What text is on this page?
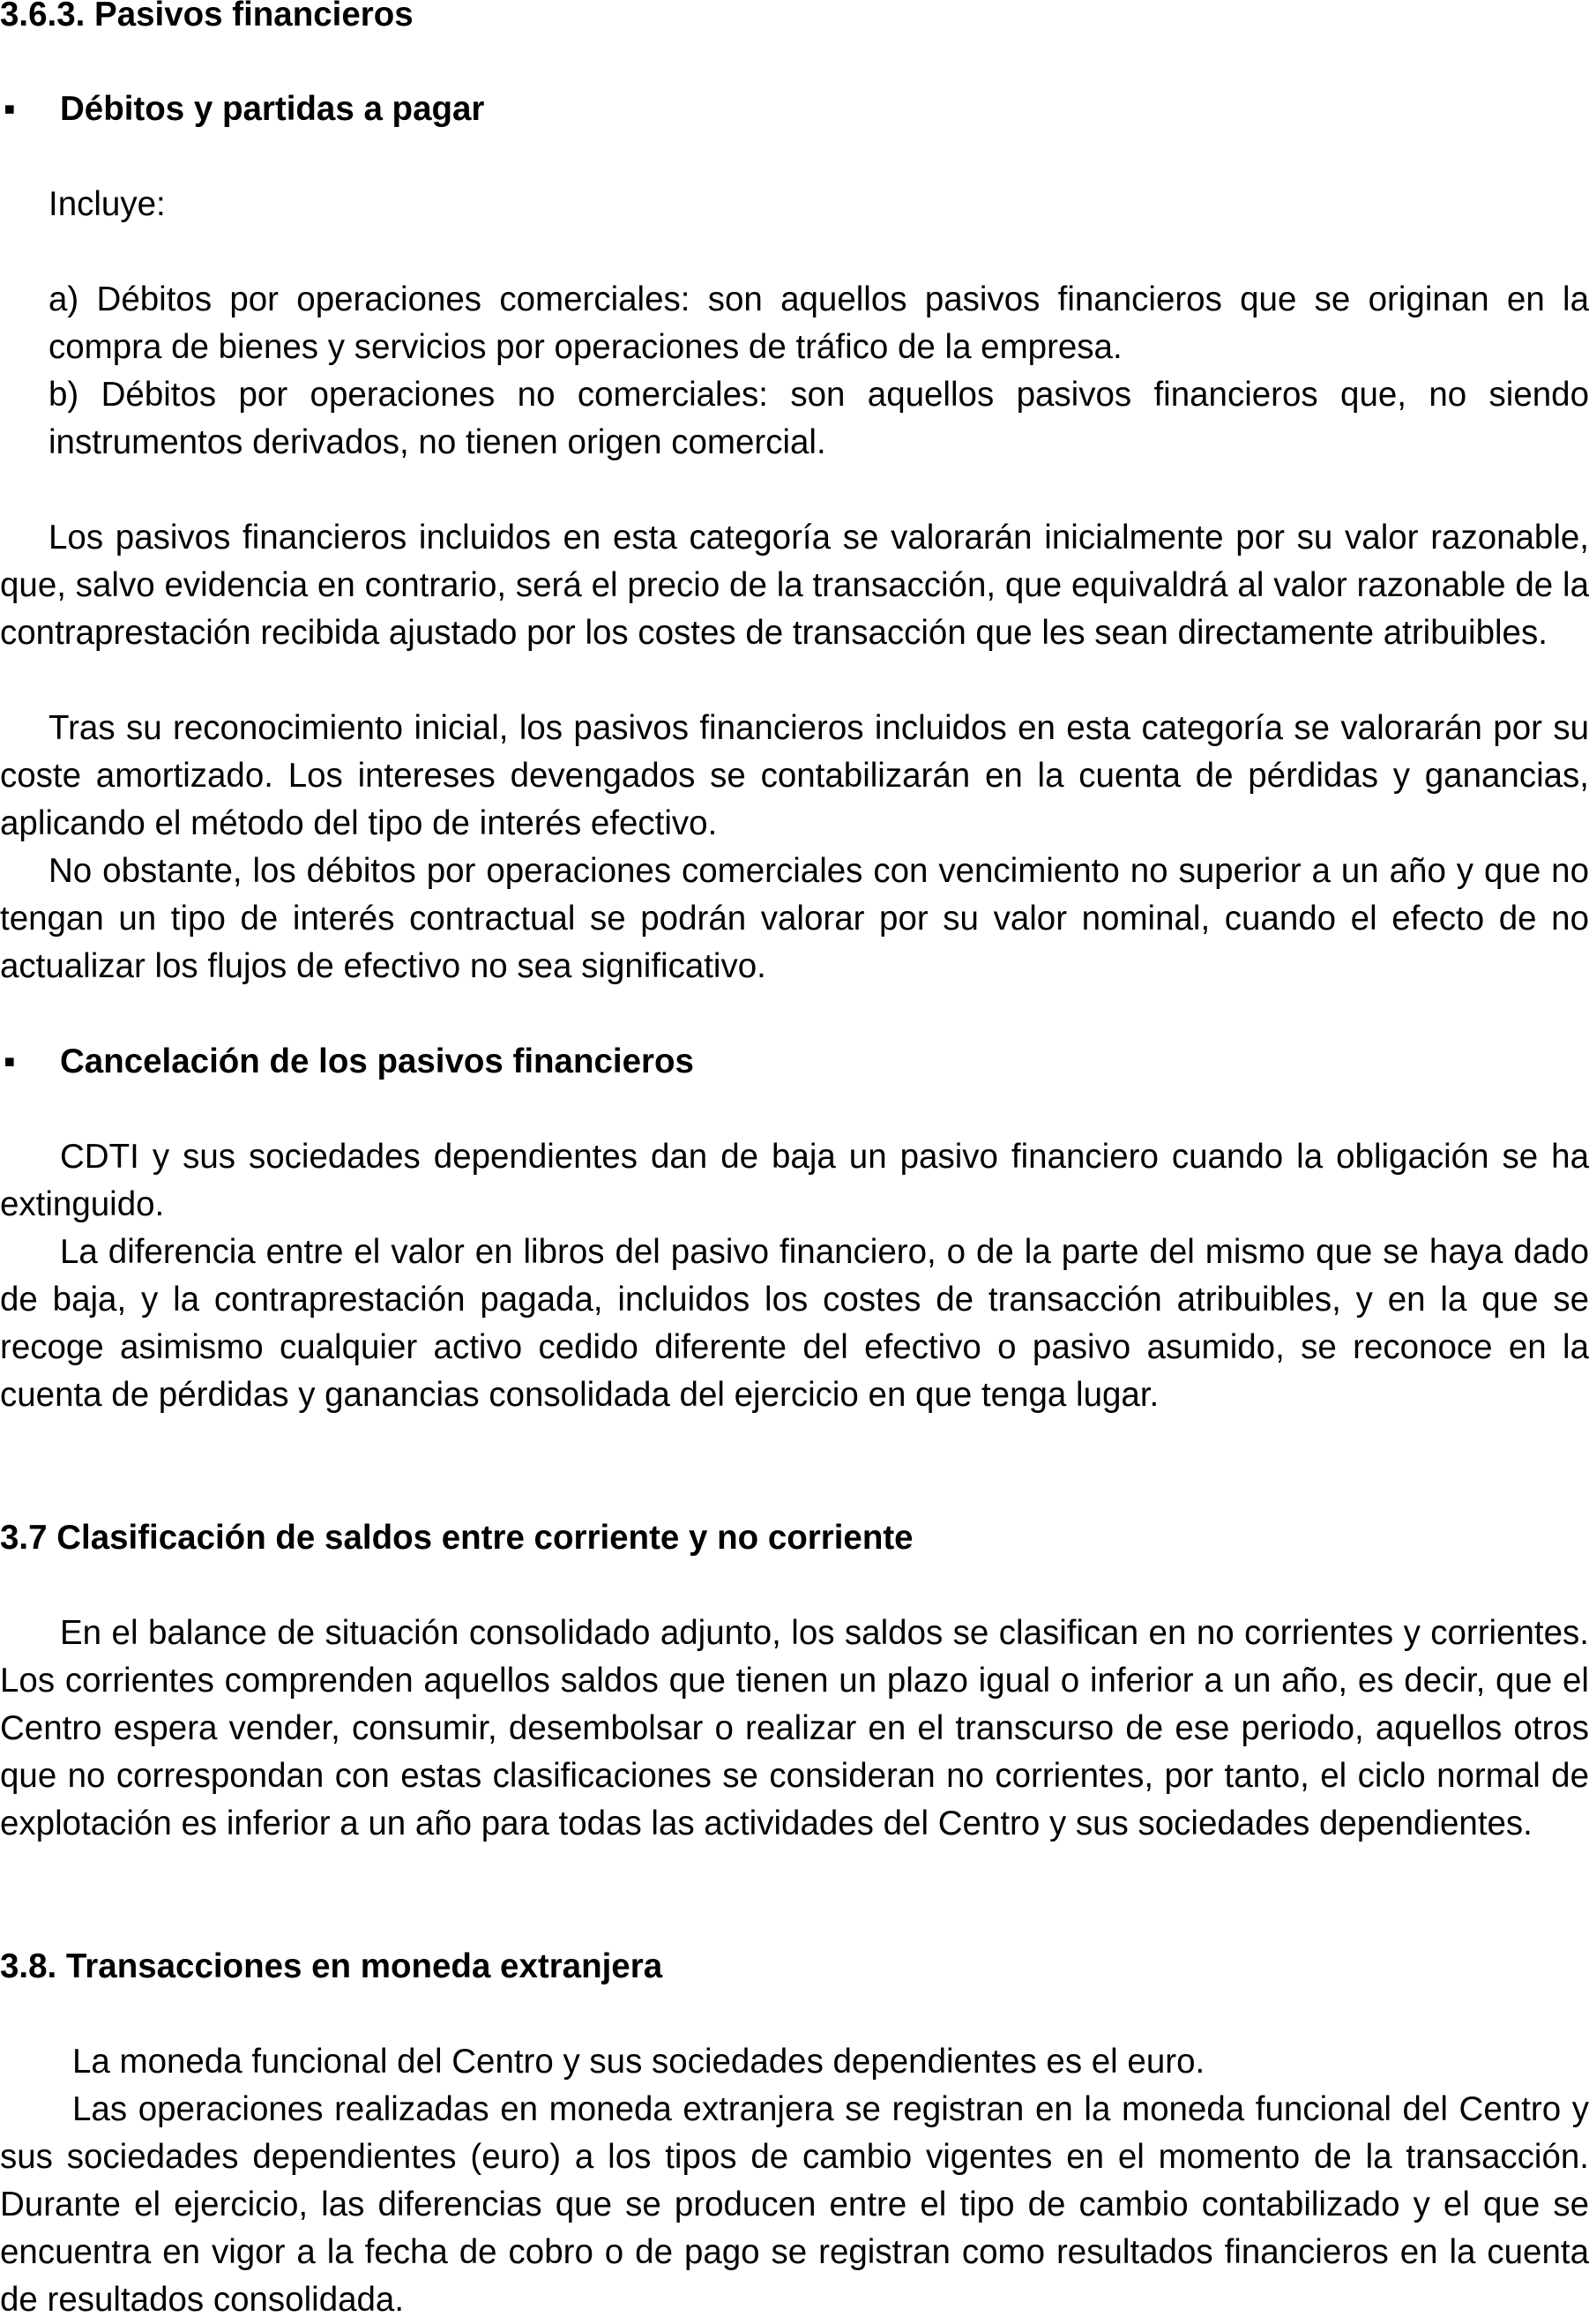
3.6.3. Pasivos financieros

▪	Débitos y partidas a pagar

Incluye:

a) Débitos por operaciones comerciales: son aquellos pasivos financieros que se originan en la compra de bienes y servicios por operaciones de tráfico de la empresa.

b) Débitos por operaciones no comerciales: son aquellos pasivos financieros que, no siendo instrumentos derivados, no tienen origen comercial.

Los pasivos financieros incluidos en esta categoría se valorarán inicialmente por su valor razonable, que, salvo evidencia en contrario, será el precio de la transacción, que equivaldrá al valor razonable de la contraprestación recibida ajustado por los costes de transacción que les sean directamente atribuibles.

Tras su reconocimiento inicial, los pasivos financieros incluidos en esta categoría se valorarán por su coste amortizado. Los intereses devengados se contabilizarán en la cuenta de pérdidas y ganancias, aplicando el método del tipo de interés efectivo.

No obstante, los débitos por operaciones comerciales con vencimiento no superior a un año y que no tengan un tipo de interés contractual se podrán valorar por su valor nominal, cuando el efecto de no actualizar los flujos de efectivo no sea significativo.

▪	Cancelación de los pasivos financieros

CDTI y sus sociedades dependientes dan de baja un pasivo financiero cuando la obligación se ha extinguido.

La diferencia entre el valor en libros del pasivo financiero, o de la parte del mismo que se haya dado de baja, y la contraprestación pagada, incluidos los costes de transacción atribuibles, y en la que se recoge asimismo cualquier activo cedido diferente del efectivo o pasivo asumido, se reconoce en la cuenta de pérdidas y ganancias consolidada del ejercicio en que tenga lugar.

3.7 Clasificación de saldos entre corriente y no corriente

En el balance de situación consolidado adjunto, los saldos se clasifican en no corrientes y corrientes. Los corrientes comprenden aquellos saldos que tienen un plazo igual o inferior a un año, es decir, que el Centro espera vender, consumir, desembolsar o realizar en el transcurso de ese periodo, aquellos otros que no correspondan con estas clasificaciones se consideran no corrientes, por tanto, el ciclo normal de explotación es inferior a un año para todas las actividades del Centro y sus sociedades dependientes.

3.8. Transacciones en moneda extranjera

La moneda funcional del Centro y sus sociedades dependientes es el euro.

Las operaciones realizadas en moneda extranjera se registran en la moneda funcional del Centro y sus sociedades dependientes (euro) a los tipos de cambio vigentes en el momento de la transacción. Durante el ejercicio, las diferencias que se producen entre el tipo de cambio contabilizado y el que se encuentra en vigor a la fecha de cobro o de pago se registran como resultados financieros en la cuenta de resultados consolidada.
